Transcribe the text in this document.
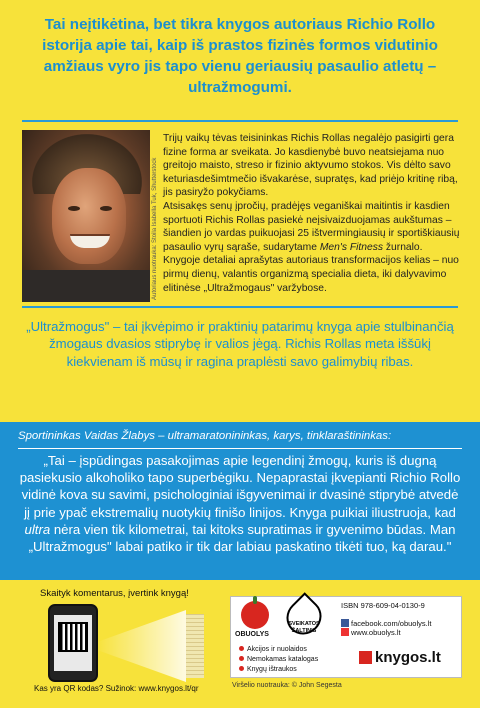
Tai neįtikėtina, bet tikra knygos autoriaus Richio Rollo istorija apie tai, kaip iš prastos fizinės formos vidutinio amžiaus vyro jis tapo vienu geriausių pasaulio atletų – ultražmogumi.
Autoriaus nuotrauka: Stoila Isabella Tuk, Shutterstock

Trijų vaikų tėvas teisininkas Richis Rollas negalėjo pasigirti gera fizine forma ar sveikata. Jo kasdienybė buvo neatsiejama nuo greitojo maisto, streso ir fizinio aktyvumo stokos. Vis dėlto savo keturiasdešimtmečio išvakarėse, supratęs, kad priėjo kritinę ribą, jis pasiryžo pokyčiams.

Atsisakęs senų įpročių, pradėjęs veganiškai maitintis ir kasdien sportuoti Richis Rollas pasiekė neįsivaizduojamas aukštumas – šiandien jo vardas puikuojasi 25 ištvermingiausių ir sportiškiausių pasaulio vyrų sąraše, sudarytame Men's Fitness žurnalo.

Knygoje detaliai aprašytas autoriaus transformacijos kelias – nuo pirmų dienų, valantis organizmą specialia dieta, iki dalyvavimo elitinėse „Ultražmogaus" varžybose.

„Ultražmogus" – tai įkvėpimo ir praktinių patarimų knyga apie stulbinančią žmogaus dvasios stiprybę ir valios jėgą. Richis Rollas meta iššūkį kiekvienam iš mūsų ir ragina praplėsti savo galimybių ribas.
Sportininkas Vaidas Žlabys – ultramaratonininkas, karys, tinklaraštininkas:
„Tai – įspūdingas pasakojimas apie legendinį žmogų, kuris iš dugną pasiekusio alkoholiko tapo superbėgiku. Nepaprastai įkvepianti Richio Rollo vidinė kova su savimi, psichologiniai išgyvenimai ir dvasinė stiprybė atvedė jį prie ypač ekstremalių nuotykių finišo linijos. Knyga puikiai iliustruoja, kad ultra nėra vien tik kilometrai, tai kitoks supratimas ir gyvenimo būdas. Man „Ultražmogus" labai patiko ir tik dar labiau paskatino tikėti tuo, ką darau."
Skaityk komentarus, įvertink knygą!
Kas yra QR kodas? Sužinok: www.knygos.lt/qr
OBUOLYS
SVEIKATOS ŠALTINIS
ISBN 978-609-04-0130-9
facebook.com/obuolys.lt
www.obuolys.lt
Akcijos ir nuolaidos
Nemokamas katalogas
Knygų ištraukos
knygos.lt
Viršelio nuotrauka: © John Segesta
